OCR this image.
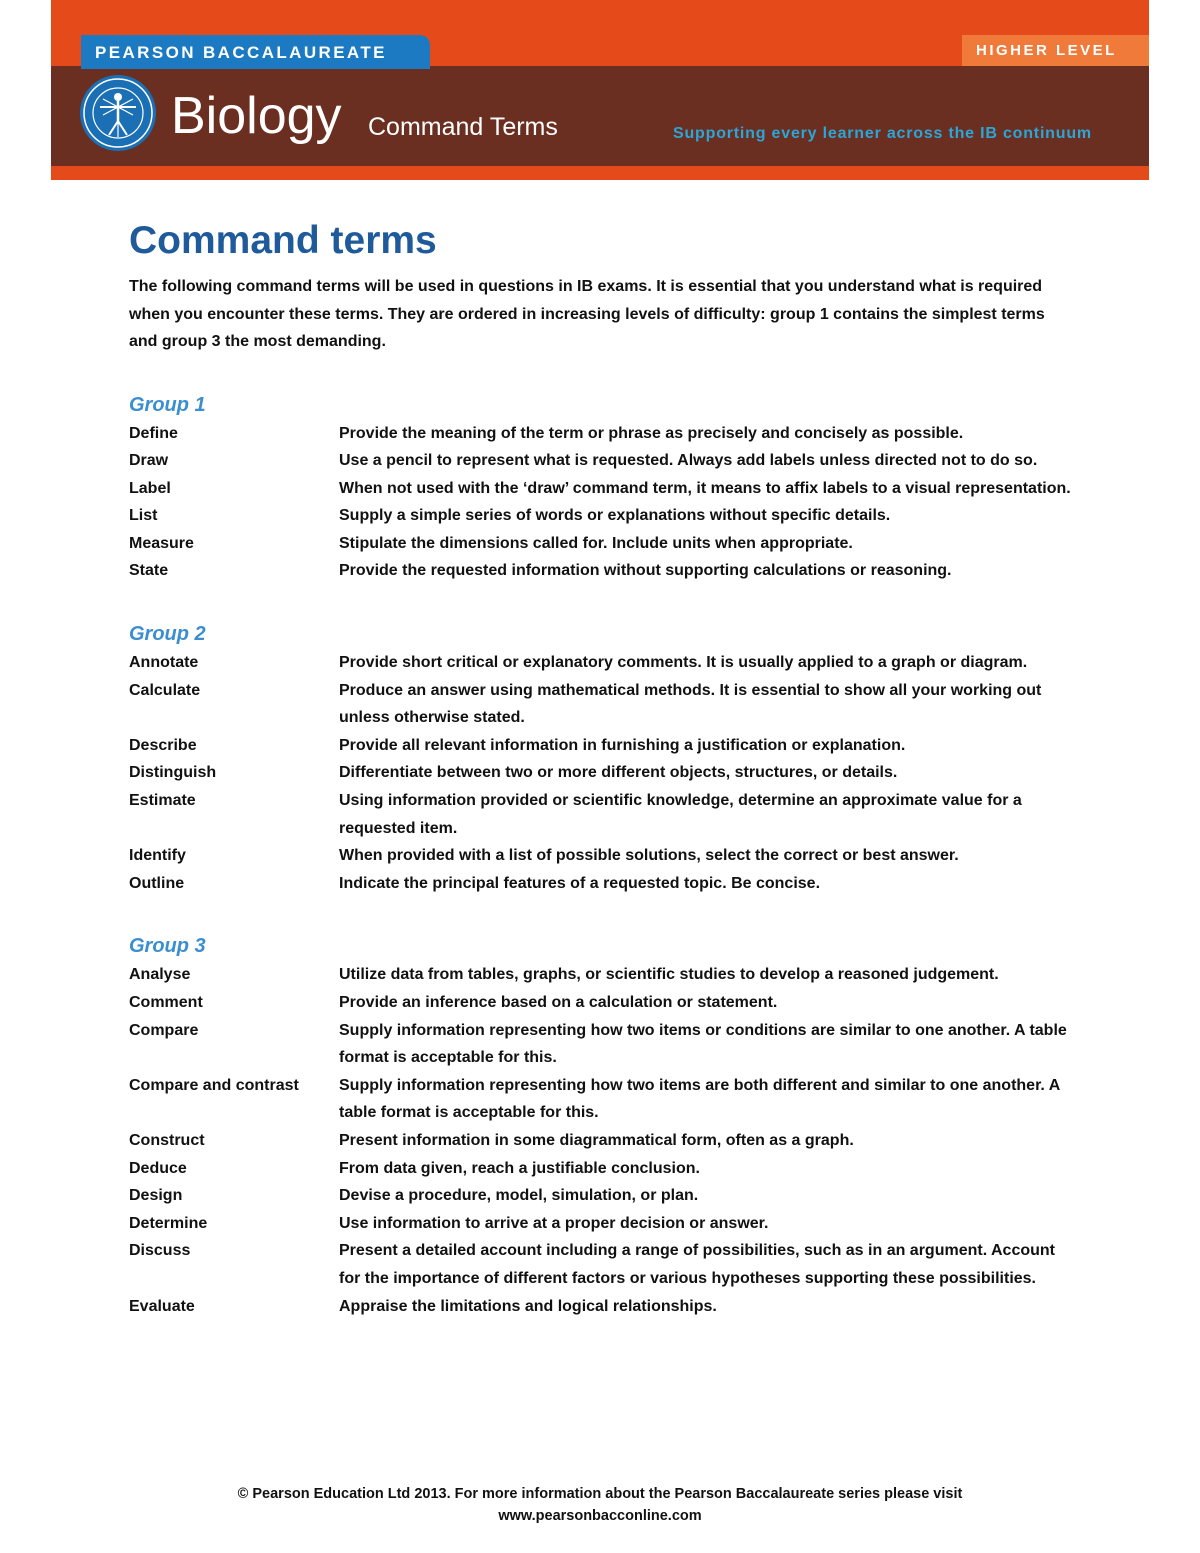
PEARSON BACCALAUREATE	HIGHER LEVEL
Biology Command Terms	Supporting every learner across the IB continuum
Command terms

The following command terms will be used in questions in IB exams. It is essential that you understand what is required when you encounter these terms. They are ordered in increasing levels of difficulty: group 1 contains the simplest terms and group 3 the most demanding.

Group 1
Define	Provide the meaning of the term or phrase as precisely and concisely as possible.
Draw	Use a pencil to represent what is requested. Always add labels unless directed not to do so.
Label	When not used with the ‘draw’ command term, it means to affix labels to a visual representation.
List	Supply a simple series of words or explanations without specific details.
Measure	Stipulate the dimensions called for. Include units when appropriate.
State	Provide the requested information without supporting calculations or reasoning.
Group 2
Annotate	Provide short critical or explanatory comments. It is usually applied to a graph or diagram.
Calculate	Produce an answer using mathematical methods. It is essential to show all your working out unless otherwise stated.
Describe	Provide all relevant information in furnishing a justification or explanation.
Distinguish	Differentiate between two or more different objects, structures, or details.
Estimate	Using information provided or scientific knowledge, determine an approximate value for a requested item.
Identify	When provided with a list of possible solutions, select the correct or best answer.
Outline	Indicate the principal features of a requested topic. Be concise.
Group 3
Analyse	Utilize data from tables, graphs, or scientific studies to develop a reasoned judgement.
Comment	Provide an inference based on a calculation or statement.
Compare	Supply information representing how two items or conditions are similar to one another. A table format is acceptable for this.
Compare and contrast	Supply information representing how two items are both different and similar to one another. A table format is acceptable for this.
Construct	Present information in some diagrammatical form, often as a graph.
Deduce	From data given, reach a justifiable conclusion.
Design	Devise a procedure, model, simulation, or plan.
Determine	Use information to arrive at a proper decision or answer.
Discuss	Present a detailed account including a range of possibilities, such as in an argument. Account for the importance of different factors or various hypotheses supporting these possibilities.
Evaluate	Appraise the limitations and logical relationships.
© Pearson Education Ltd 2013. For more information about the Pearson Baccalaureate series please visit
www.pearsonbacconline.com
